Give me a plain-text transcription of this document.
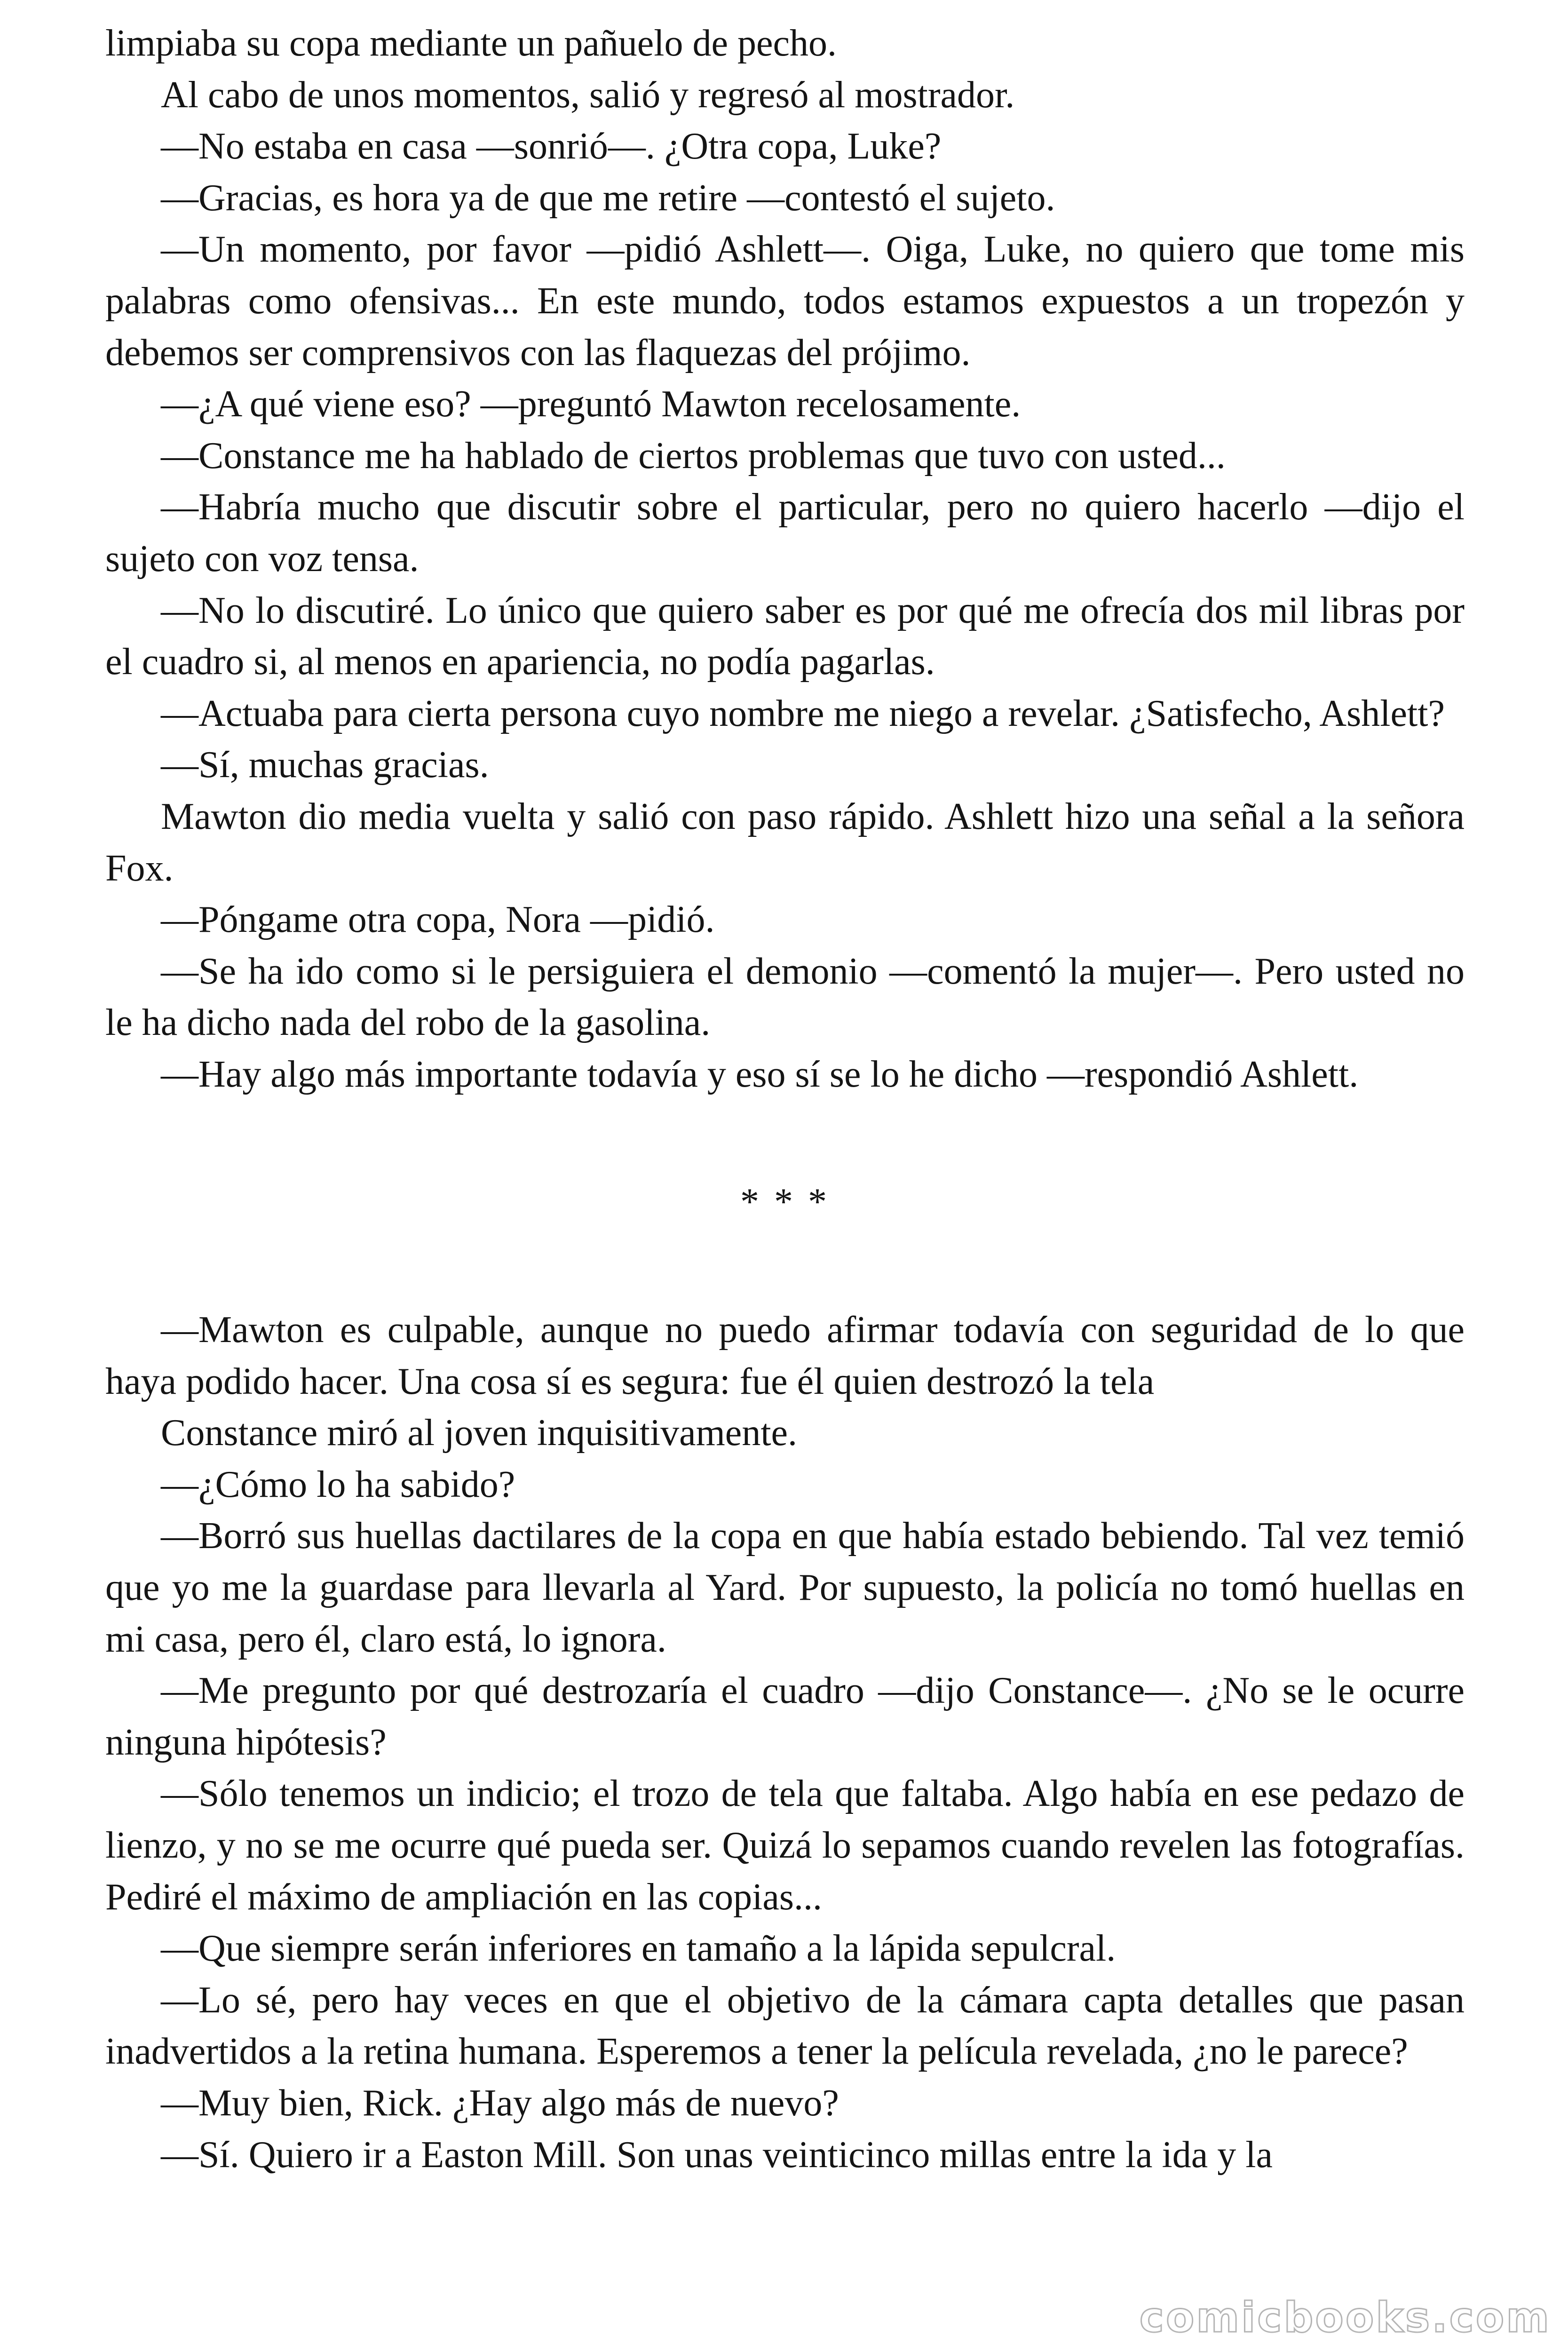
limpiaba su copa mediante un pañuelo de pecho.

Al cabo de unos momentos, salió y regresó al mostrador.

—No estaba en casa —sonrió—. ¿Otra copa, Luke?

—Gracias, es hora ya de que me retire —contestó el sujeto.

—Un momento, por favor —pidió Ashlett—. Oiga, Luke, no quiero que tome mis palabras como ofensivas... En este mundo, todos estamos expuestos a un tropezón y debemos ser comprensivos con las flaquezas del prójimo.

—¿A qué viene eso? —preguntó Mawton recelosamente.

—Constance me ha hablado de ciertos problemas que tuvo con usted...

—Habría mucho que discutir sobre el particular, pero no quiero hacerlo —dijo el sujeto con voz tensa.

—No lo discutiré. Lo único que quiero saber es por qué me ofrecía dos mil libras por el cuadro si, al menos en apariencia, no podía pagarlas.

—Actuaba para cierta persona cuyo nombre me niego a revelar. ¿Satisfecho, Ashlett?

—Sí, muchas gracias.

Mawton dio media vuelta y salió con paso rápido. Ashlett hizo una señal a la señora Fox.

—Póngame otra copa, Nora —pidió.

—Se ha ido como si le persiguiera el demonio —comentó la mujer—. Pero usted no le ha dicho nada del robo de la gasolina.

—Hay algo más importante todavía y eso sí se lo he dicho —respondió Ashlett.

* * *

—Mawton es culpable, aunque no puedo afirmar todavía con seguridad de lo que haya podido hacer. Una cosa sí es segura: fue él quien destrozó la tela

Constance miró al joven inquisitivamente.

—¿Cómo lo ha sabido?

—Borró sus huellas dactilares de la copa en que había estado bebiendo. Tal vez temió que yo me la guardase para llevarla al Yard. Por supuesto, la policía no tomó huellas en mi casa, pero él, claro está, lo ignora.

—Me pregunto por qué destrozaría el cuadro —dijo Constance—. ¿No se le ocurre ninguna hipótesis?

—Sólo tenemos un indicio; el trozo de tela que faltaba. Algo había en ese pedazo de lienzo, y no se me ocurre qué pueda ser. Quizá lo sepamos cuando revelen las fotografías. Pediré el máximo de ampliación en las copias...

—Que siempre serán inferiores en tamaño a la lápida sepulcral.

—Lo sé, pero hay veces en que el objetivo de la cámara capta detalles que pasan inadvertidos a la retina humana. Esperemos a tener la película revelada, ¿no le parece?

—Muy bien, Rick. ¿Hay algo más de nuevo?

—Sí. Quiero ir a Easton Mill. Son unas veinticinco millas entre la ida y la

comicbooks.com
